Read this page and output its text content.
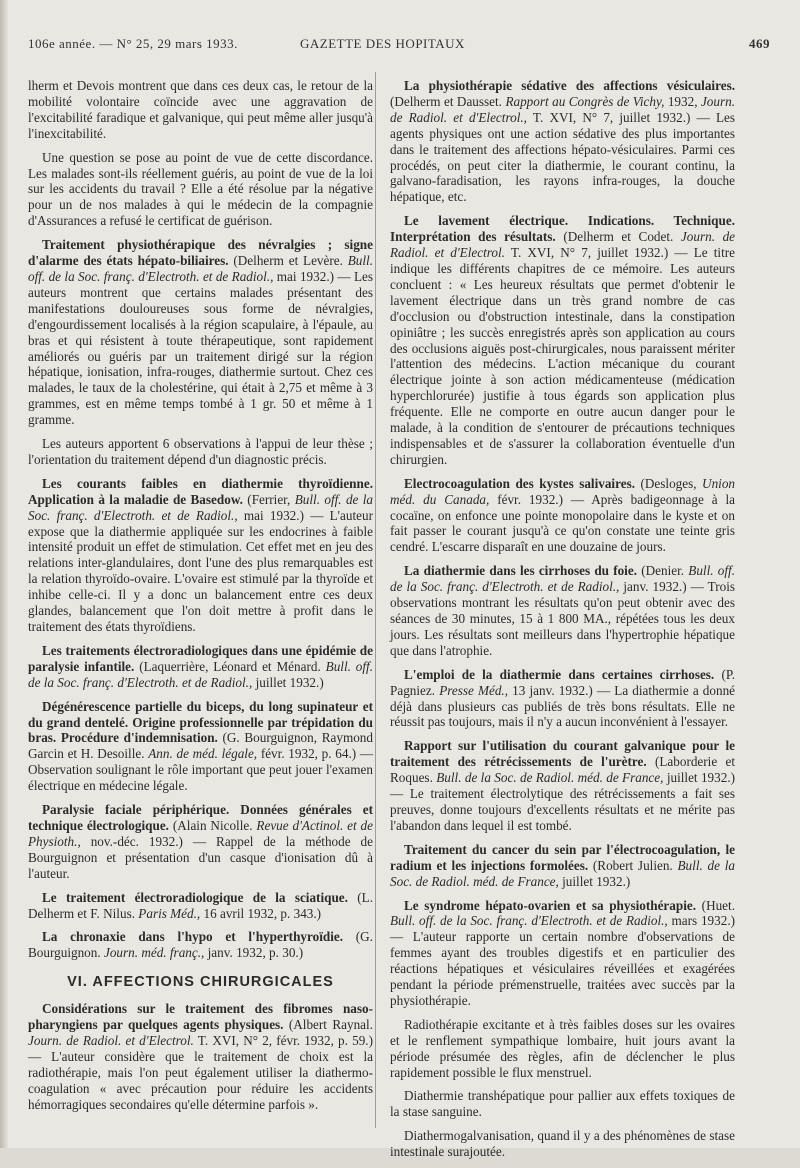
106e année. — N° 25, 29 mars 1933.	GAZETTE DES HOPITAUX	469

lherm et Devois montrent que dans ces deux cas, le retour de la mobilité volontaire coïncide avec une aggravation de l'excitabilité faradique et galvanique, qui peut même aller jusqu'à l'inexcitabilité.

Une question se pose au point de vue de cette discordance. Les malades sont-ils réellement guéris, au point de vue de la loi sur les accidents du travail ? Elle a été résolue par la négative pour un de nos malades à qui le médecin de la compagnie d'Assurances a refusé le certificat de guérison.

Traitement physiothérapique des névralgies ; signe d'alarme des états hépato-biliaires. (Delherm et Levère. Bull. off. de la Soc. franç. d'Electroth. et de Radiol., mai 1932.) — Les auteurs montrent que certains malades présentant des manifestations douloureuses sous forme de névralgies, d'engourdissement localisés à la région scapulaire, à l'épaule, au bras et qui résistent à toute thérapeutique, sont rapidement améliorés ou guéris par un traitement dirigé sur la région hépatique, ionisation, infra-rouges, diathermie surtout. Chez ces malades, le taux de la cholestérine, qui était à 2,75 et même à 3 grammes, est en même temps tombé à 1 gr. 50 et même à 1 gramme.

Les auteurs apportent 6 observations à l'appui de leur thèse ; l'orientation du traitement dépend d'un diagnostic précis.

Les courants faibles en diathermie thyroïdienne. Application à la maladie de Basedow. (Ferrier, Bull. off. de la Soc. franç. d'Electroth. et de Radiol., mai 1932.) — L'auteur expose que la diathermie appliquée sur les endocrines à faible intensité produit un effet de stimulation. Cet effet met en jeu des relations inter-glandulaires, dont l'une des plus remarquables est la relation thyroïdo-ovaire. L'ovaire est stimulé par la thyroïde et inhibe celle-ci. Il y a donc un balancement entre ces deux glandes, balancement que l'on doit mettre à profit dans le traitement des états thyroïdiens.

Les traitements électroradiologiques dans une épidémie de paralysie infantile. (Laquerrière, Léonard et Ménard. Bull. off. de la Soc. franç. d'Electroth. et de Radiol., juillet 1932.)

Dégénérescence partielle du biceps, du long supinateur et du grand dentelé. Origine professionnelle par trépidation du bras. Procédure d'indemnisation. (G. Bourguignon, Raymond Garcin et H. Desoille. Ann. de méd. légale, févr. 1932, p. 64.) — Observation soulignant le rôle important que peut jouer l'examen électrique en médecine légale.

Paralysie faciale périphérique. Données générales et technique électrologique. (Alain Nicolle. Revue d'Actinol. et de Physioth., nov.-déc. 1932.) — Rappel de la méthode de Bourguignon et présentation d'un casque d'ionisation dû à l'auteur.

Le traitement électroradiologique de la sciatique. (L. Delherm et F. Nilus. Paris Méd., 16 avril 1932, p. 343.)

La chronaxie dans l'hypo et l'hyperthyroïdie. (G. Bourguignon. Journ. méd. franç., janv. 1932, p. 30.)

VI. AFFECTIONS CHIRURGICALES

Considérations sur le traitement des fibromes naso-pharyngiens par quelques agents physiques. (Albert Raynal. Journ. de Radiol. et d'Electrol. T. XVI, N° 2, févr. 1932, p. 59.) — L'auteur considère que le traitement de choix est la radiothérapie, mais l'on peut également utiliser la diathermo-coagulation « avec précaution pour réduire les accidents hémorragiques secondaires qu'elle détermine parfois ».

La physiothérapie sédative des affections vésiculaires. (Delherm et Dausset. Rapport au Congrès de Vichy, 1932, Journ. de Radiol. et d'Electrol., T. XVI, N° 7, juillet 1932.) — Les agents physiques ont une action sédative des plus importantes dans le traitement des affections hépato-vésiculaires. Parmi ces procédés, on peut citer la diathermie, le courant continu, la galvano-faradisation, les rayons infra-rouges, la douche hépatique, etc.

Le lavement électrique. Indications. Technique. Interprétation des résultats. (Delherm et Codet. Journ. de Radiol. et d'Electrol. T. XVI, N° 7, juillet 1932.) — Le titre indique les différents chapitres de ce mémoire. Les auteurs concluent : « Les heureux résultats que permet d'obtenir le lavement électrique dans un très grand nombre de cas d'occlusion ou d'obstruction intestinale, dans la constipation opiniâtre ; les succès enregistrés après son application au cours des occlusions aiguës post-chirurgicales, nous paraissent mériter l'attention des médecins. L'action mécanique du courant électrique jointe à son action médicamenteuse (médication hyperchlorurée) justifie à tous égards son application plus fréquente. Elle ne comporte en outre aucun danger pour le malade, à la condition de s'entourer de précautions techniques indispensables et de s'assurer la collaboration éventuelle d'un chirurgien.

Electrocoagulation des kystes salivaires. (Desloges, Union méd. du Canada, févr. 1932.) — Après badigeonnage à la cocaïne, on enfonce une pointe monopolaire dans le kyste et on fait passer le courant jusqu'à ce qu'on constate une teinte gris cendré. L'escarre disparaît en une douzaine de jours.

La diathermie dans les cirrhoses du foie. (Denier. Bull. off. de la Soc. franç. d'Electroth. et de Radiol., janv. 1932.) — Trois observations montrant les résultats qu'on peut obtenir avec des séances de 30 minutes, 15 à 1 800 MA., répétées tous les deux jours. Les résultats sont meilleurs dans l'hypertrophie hépatique que dans l'atrophie.

L'emploi de la diathermie dans certaines cirrhoses. (P. Pagniez. Presse Méd., 13 janv. 1932.) — La diathermie a donné déjà dans plusieurs cas publiés de très bons résultats. Elle ne réussit pas toujours, mais il n'y a aucun inconvénient à l'essayer.

Rapport sur l'utilisation du courant galvanique pour le traitement des rétrécissements de l'urètre. (Laborderie et Roques. Bull. de la Soc. de Radiol. méd. de France, juillet 1932.) — Le traitement électrolytique des rétrécissements a fait ses preuves, donne toujours d'excellents résultats et ne mérite pas l'abandon dans lequel il est tombé.

Traitement du cancer du sein par l'électrocoagulation, le radium et les injections formolées. (Robert Julien. Bull. de la Soc. de Radiol. méd. de France, juillet 1932.)

Le syndrome hépato-ovarien et sa physiothérapie. (Huet. Bull. off. de la Soc. franç. d'Electroth. et de Radiol., mars 1932.) — L'auteur rapporte un certain nombre d'observations de femmes ayant des troubles digestifs et en particulier des réactions hépatiques et vésiculaires réveillées et exagérées pendant la période prémenstruelle, traitées avec succès par la physiothérapie.

Radiothérapie excitante et à très faibles doses sur les ovaires et le renflement sympathique lombaire, huit jours avant la période présumée des règles, afin de déclencher le plus rapidement possible le flux menstruel.

Diathermie transhépatique pour pallier aux effets toxiques de la stase sanguine.

Diathermogalvanisation, quand il y a des phénomènes de stase intestinale surajoutée.
